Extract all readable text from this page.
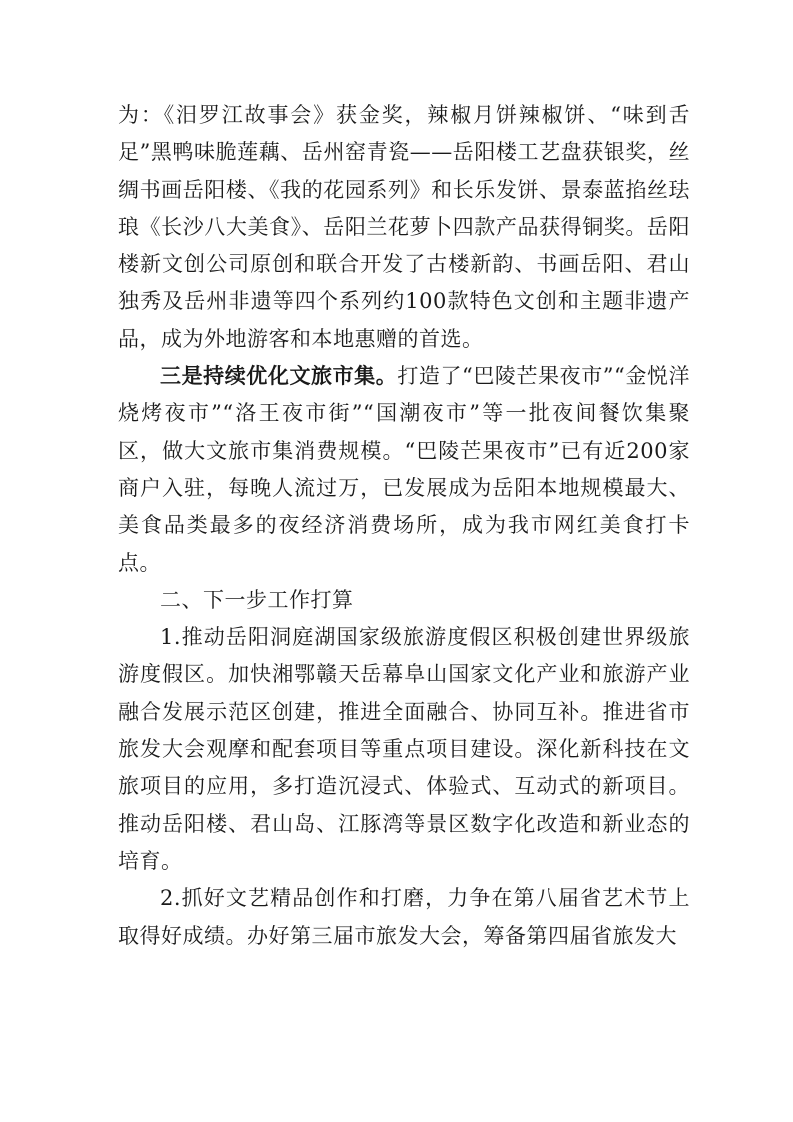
为：《汨罗江故事会》获金奖，辣椒月饼辣椒饼、“味到舌足”黑鸭味脆莲藕、岳州窑青瓷——岳阳楼工艺盘获银奖，丝绸书画岳阳楼、《我的花园系列》和长乐发饼、景泰蓝掐丝珐琅《长沙八大美食》、岳阳兰花萝卜四款产品获得铜奖。岳阳楼新文创公司原创和联合开发了古楼新韵、书画岳阳、君山独秀及岳州非遗等四个系列约100款特色文创和主题非遗产品，成为外地游客和本地惠赠的首选。

三是持续优化文旅市集。打造了“巴陵芒果夜市”“金悦洋烧烤夜市”“洛王夜市街”“国潮夜市”等一批夜间餐饮集聚区，做大文旅市集消费规模。“巴陵芒果夜市”已有近200家商户入驻，每晚人流过万，已发展成为岳阳本地规模最大、美食品类最多的夜经济消费场所，成为我市网红美食打卡点。

二、下一步工作打算

1.推动岳阳洞庭湖国家级旅游度假区积极创建世界级旅游度假区。加快湘鄂赣天岳幕阜山国家文化产业和旅游产业融合发展示范区创建，推进全面融合、协同互补。推进省市旅发大会观摩和配套项目等重点项目建设。深化新科技在文旅项目的应用，多打造沉浸式、体验式、互动式的新项目。推动岳阳楼、君山岛、江豚湾等景区数字化改造和新业态的培育。

2.抓好文艺精品创作和打磨，力争在第八届省艺术节上取得好成绩。办好第三届市旅发大会，筹备第四届省旅发大
